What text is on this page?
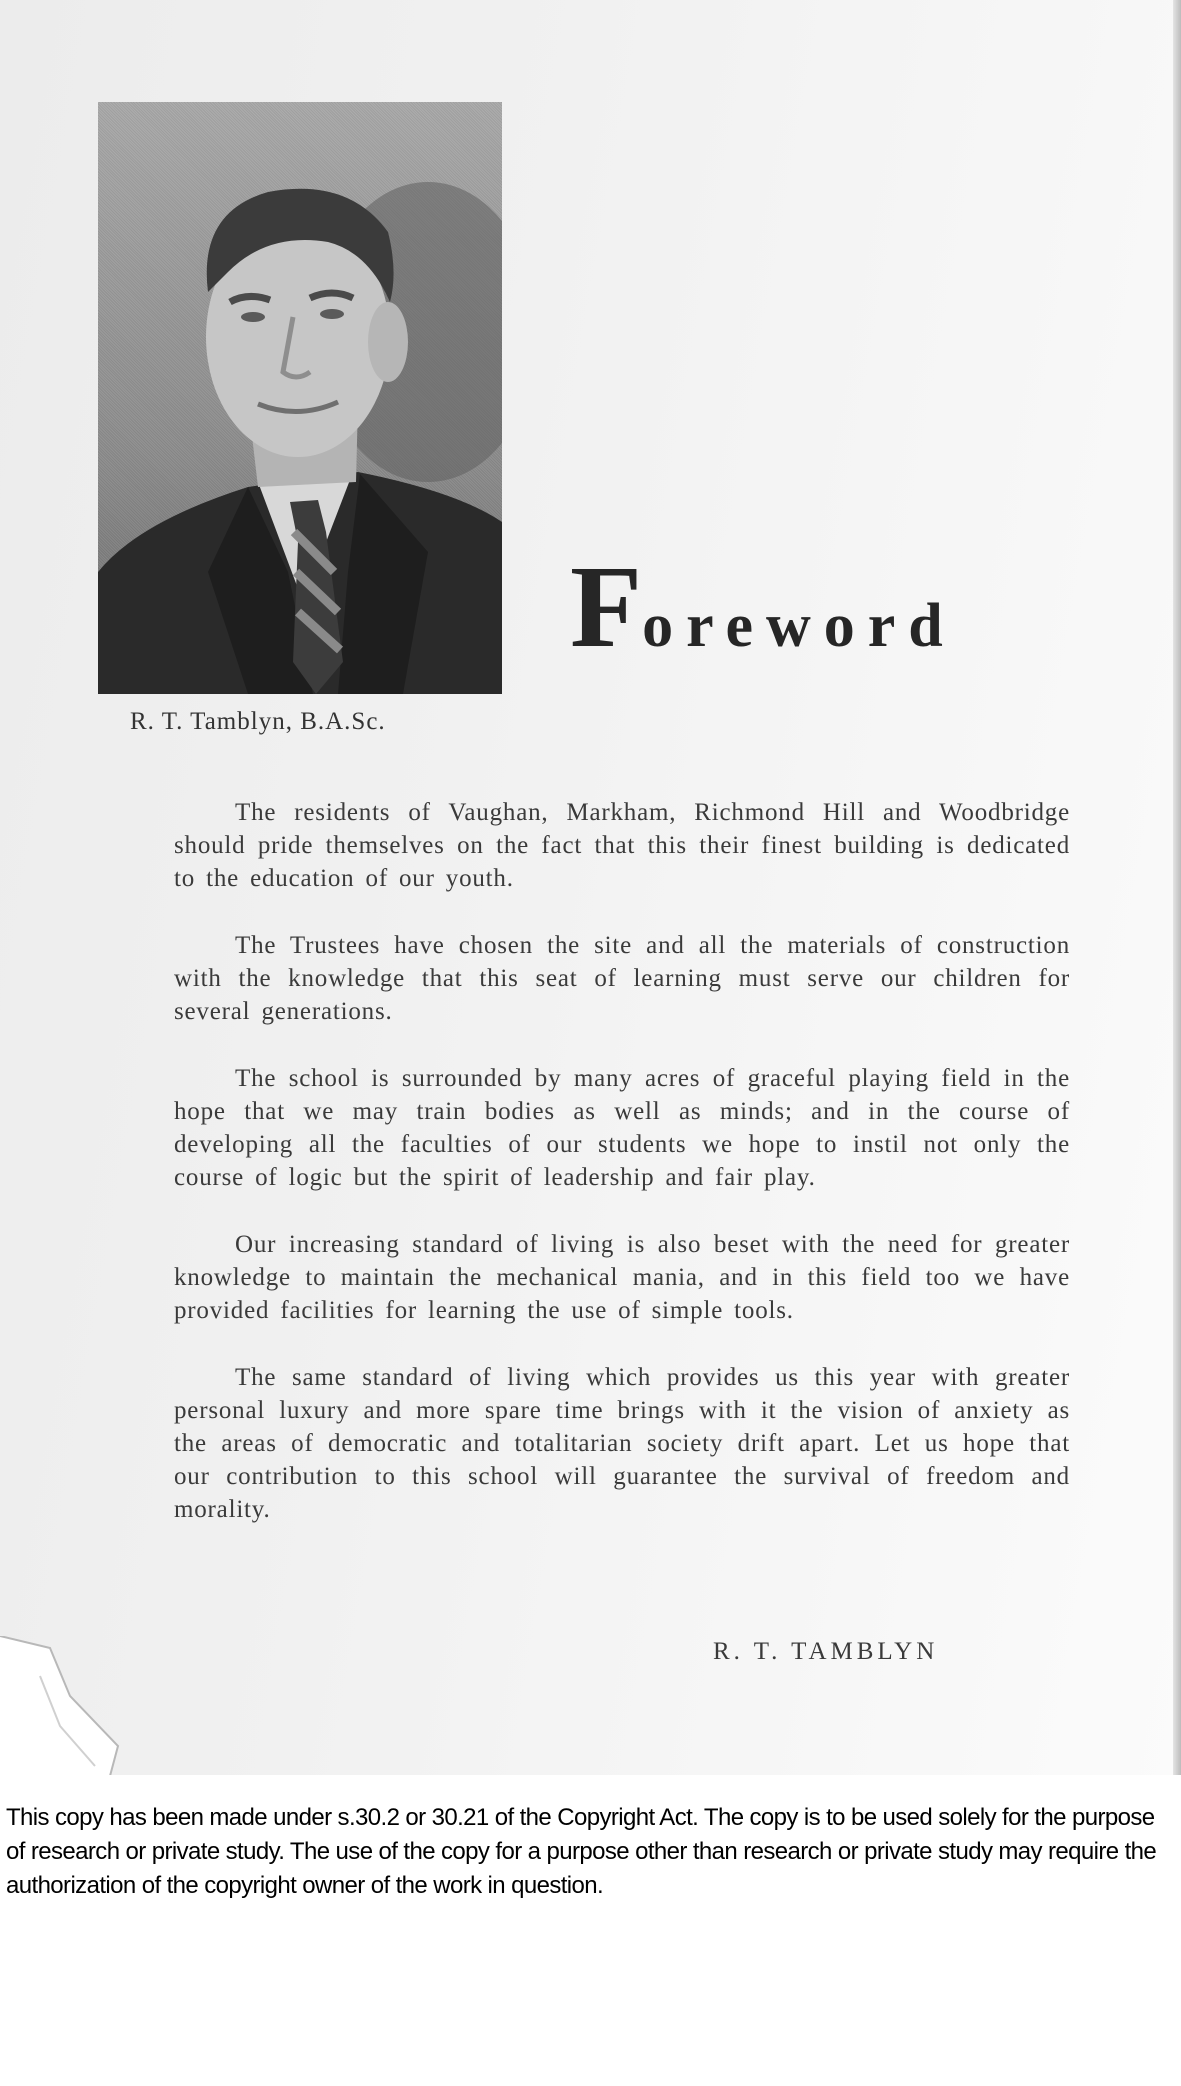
R. T. Tamblyn, B.A.Sc.
Foreword

The residents of Vaughan, Markham, Richmond Hill and Woodbridge should pride themselves on the fact that this their finest building is dedicated to the education of our youth.

The Trustees have chosen the site and all the materials of construction with the knowledge that this seat of learning must serve our children for several generations.

The school is surrounded by many acres of graceful playing field in the hope that we may train bodies as well as minds; and in the course of developing all the faculties of our students we hope to instil not only the course of logic but the spirit of leadership and fair play.

Our increasing standard of living is also beset with the need for greater knowledge to maintain the mechanical mania, and in this field too we have provided facilities for learning the use of simple tools.

The same standard of living which provides us this year with greater personal luxury and more spare time brings with it the vision of anxiety as the areas of democratic and totalitarian society drift apart. Let us hope that our contribution to this school will guarantee the survival of freedom and morality.

R. T. TAMBLYN
This copy has been made under s.30.2 or 30.21 of the Copyright Act. The copy is to be used solely for the purpose of research or private study. The use of the copy for a purpose other than research or private study may require the authorization of the copyright owner of the work in question.
